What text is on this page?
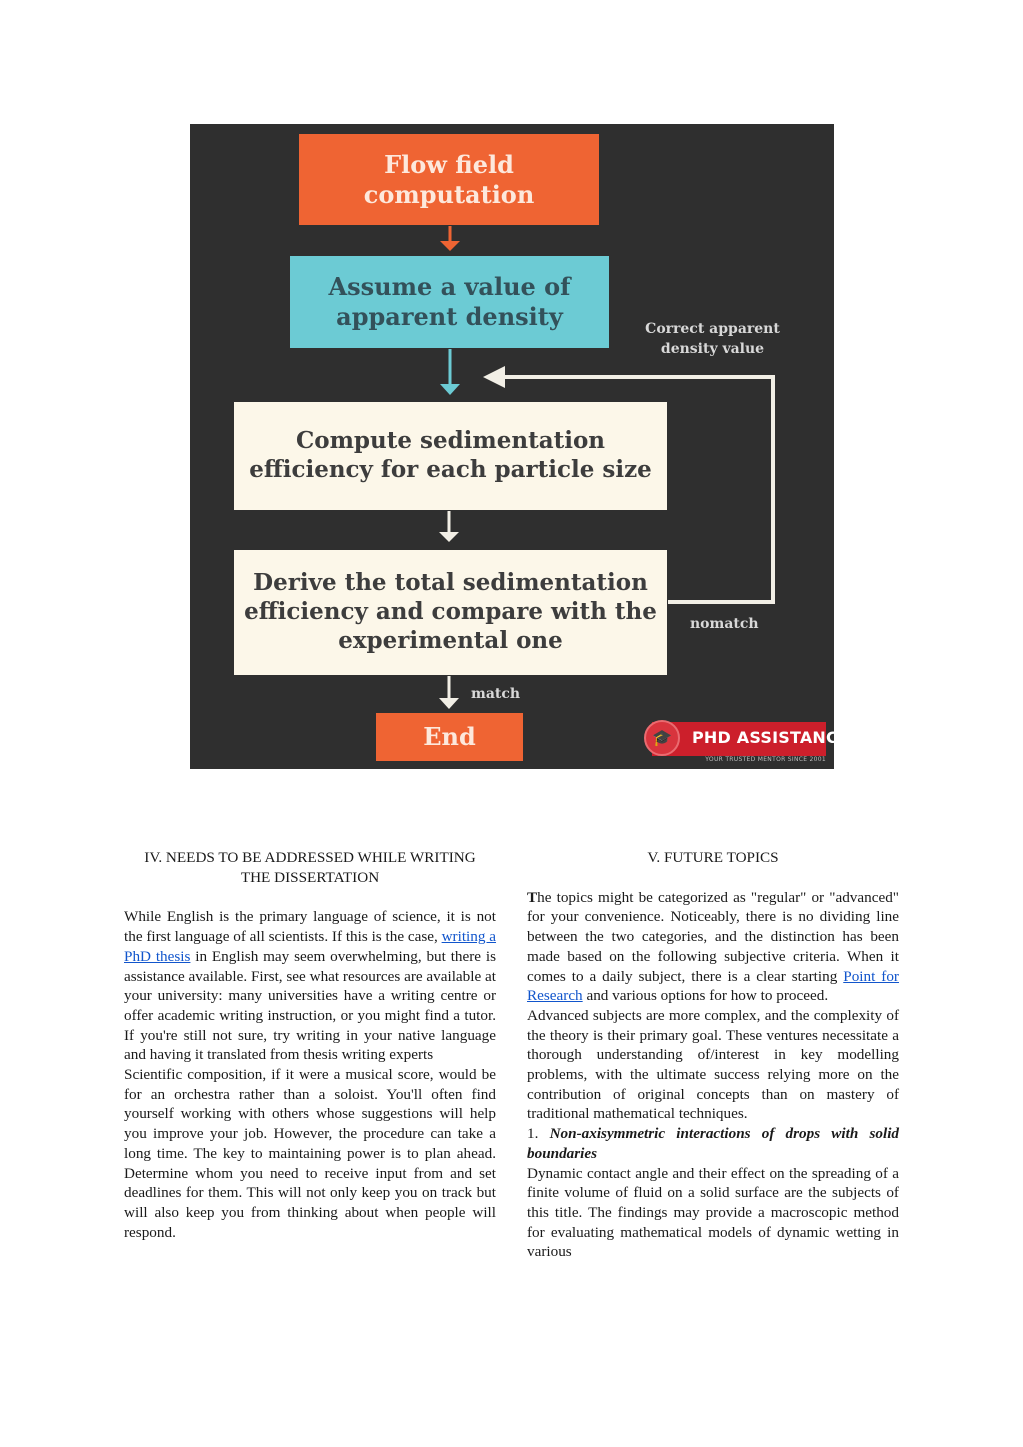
Flow field computation
Assume a value of apparent density
Compute sedimentation efficiency for each particle size
Derive the total sedimentation efficiency and compare with the experimental one
End
Correct apparent density value
nomatch
match
🎓	PHD ASSISTANCE
YOUR TRUSTED MENTOR SINCE 2001
IV. NEEDS TO BE ADDRESSED WHILE WRITING THE DISSERTATION

While English is the primary language of science, it is not the first language of all scientists. If this is the case, writing a PhD thesis in English may seem overwhelming, but there is assistance available. First, see what resources are available at your university: many universities have a writing centre or offer academic writing instruction, or you might find a tutor. If you're still not sure, try writing in your native language and having it translated from thesis writing experts

Scientific composition, if it were a musical score, would be for an orchestra rather than a soloist. You'll often find yourself working with others whose suggestions will help you improve your job. However, the procedure can take a long time. The key to maintaining power is to plan ahead. Determine whom you need to receive input from and set deadlines for them. This will not only keep you on track but will also keep you from thinking about when people will respond.

V. FUTURE TOPICS

The topics might be categorized as "regular" or "advanced" for your convenience. Noticeably, there is no dividing line between the two categories, and the distinction has been made based on the following subjective criteria. When it comes to a daily subject, there is a clear starting Point for Research and various options for how to proceed.

Advanced subjects are more complex, and the complexity of the theory is their primary goal. These ventures necessitate a thorough understanding of/interest in key modelling problems, with the ultimate success relying more on the contribution of original concepts than on mastery of traditional mathematical techniques.

1. Non-axisymmetric interactions of drops with solid boundaries

Dynamic contact angle and their effect on the spreading of a finite volume of fluid on a solid surface are the subjects of this title. The findings may provide a macroscopic method for evaluating mathematical models of dynamic wetting in various
